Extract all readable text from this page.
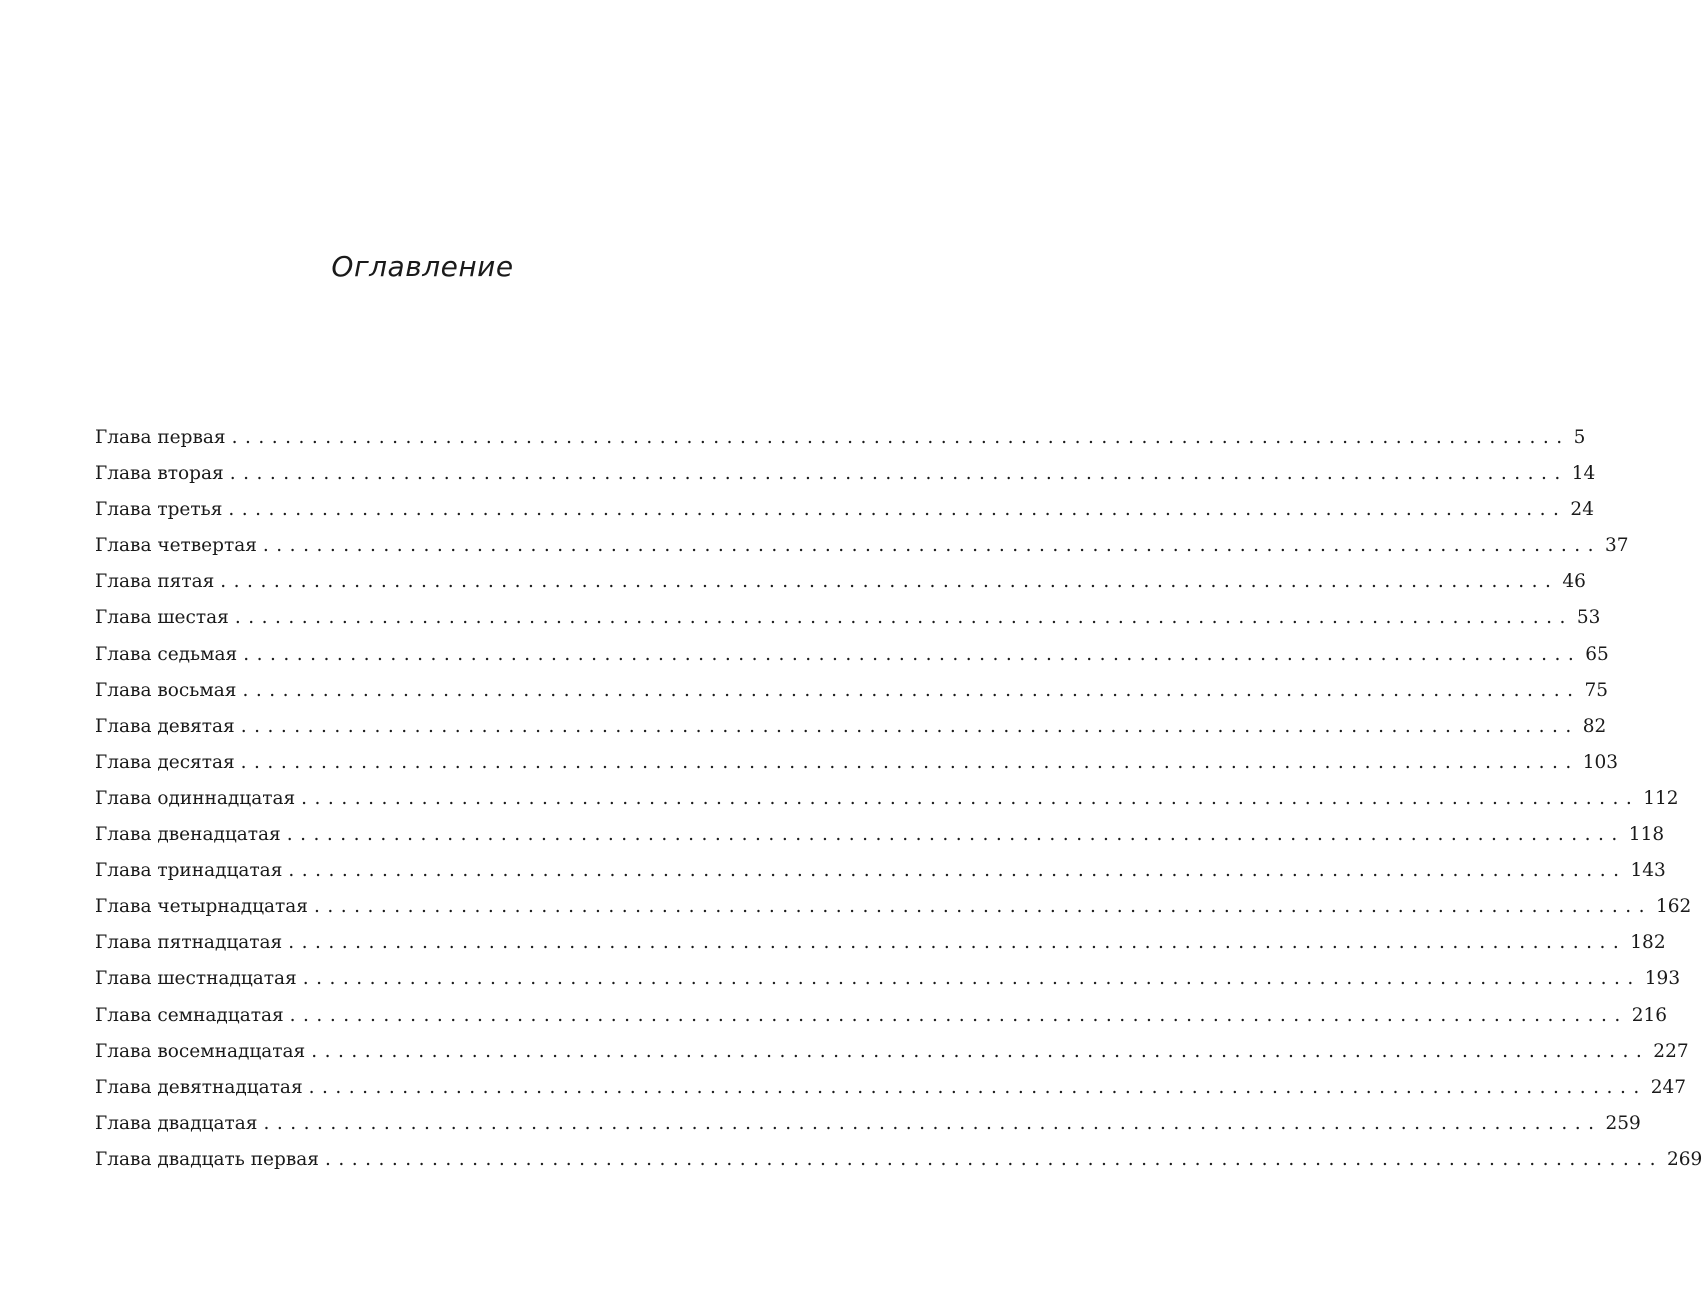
Оглавление
Глава первая .................................................................................................... 5
Глава вторая .................................................................................................... 14
Глава третья .................................................................................................... 24
Глава четвертая .................................................................................................... 37
Глава пятая .................................................................................................... 46
Глава шестая .................................................................................................... 53
Глава седьмая .................................................................................................... 65
Глава восьмая .................................................................................................... 75
Глава девятая .................................................................................................... 82
Глава десятая .................................................................................................... 103
Глава одиннадцатая .................................................................................................... 112
Глава двенадцатая .................................................................................................... 118
Глава тринадцатая .................................................................................................... 143
Глава четырнадцатая .................................................................................................... 162
Глава пятнадцатая .................................................................................................... 182
Глава шестнадцатая .................................................................................................... 193
Глава семнадцатая .................................................................................................... 216
Глава восемнадцатая .................................................................................................... 227
Глава девятнадцатая .................................................................................................... 247
Глава двадцатая .................................................................................................... 259
Глава двадцать первая .................................................................................................... 269
